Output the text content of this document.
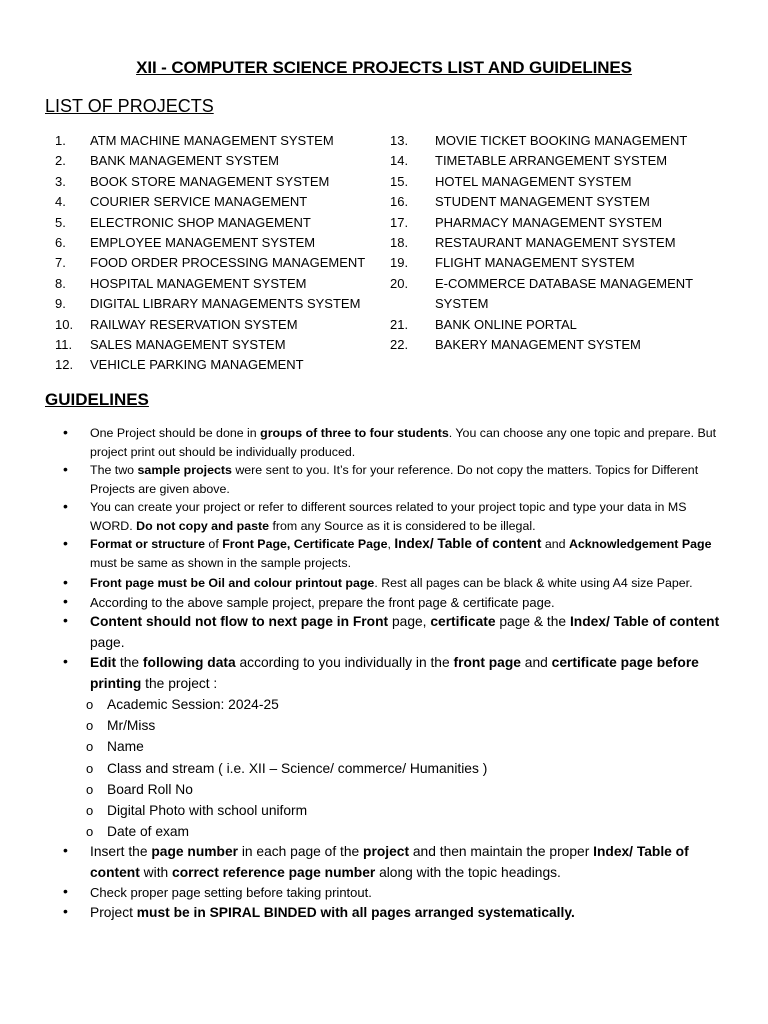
XII - COMPUTER SCIENCE PROJECTS LIST AND GUIDELINES
LIST OF PROJECTS
1.	ATM MACHINE MANAGEMENT SYSTEM
2.	BANK MANAGEMENT SYSTEM
3.	BOOK STORE MANAGEMENT SYSTEM
4.	COURIER SERVICE MANAGEMENT
5.	ELECTRONIC SHOP MANAGEMENT
6.	EMPLOYEE MANAGEMENT SYSTEM
7.	FOOD ORDER PROCESSING MANAGEMENT
8.	HOSPITAL MANAGEMENT SYSTEM
9.	DIGITAL LIBRARY MANAGEMENTS SYSTEM
10.	RAILWAY RESERVATION SYSTEM
11.	SALES MANAGEMENT SYSTEM
12.	VEHICLE PARKING MANAGEMENT
13.	MOVIE TICKET BOOKING MANAGEMENT
14.	TIMETABLE ARRANGEMENT SYSTEM
15.	HOTEL MANAGEMENT SYSTEM
16.	STUDENT MANAGEMENT SYSTEM
17.	PHARMACY MANAGEMENT SYSTEM
18.	RESTAURANT MANAGEMENT SYSTEM
19.	FLIGHT MANAGEMENT SYSTEM
20.	E-COMMERCE DATABASE MANAGEMENT SYSTEM
21.	BANK ONLINE PORTAL
22.	BAKERY MANAGEMENT SYSTEM
GUIDELINES
•	One Project should be done in groups of three to four students. You can choose any one topic and prepare. But project print out should be individually produced.
•	The two sample projects were sent to you. It’s for your reference. Do not copy the matters. Topics for Different Projects are given above.
•	You can create your project or refer to different sources related to your project topic and type your data in MS WORD. Do not copy and paste from any Source as it is considered to be illegal.
•	Format or structure of Front Page, Certificate Page, Index/ Table of content and Acknowledgement Page must be same as shown in the sample projects.
•	Front page must be Oil and colour printout page. Rest all pages can be black & white using A4 size Paper.
•	According to the above sample project, prepare the front page & certificate page.
•	Content should not flow to next page in Front page, certificate page & the Index/ Table of content page.
•	Edit the following data according to you individually in the front page and certificate page before printing the project :
o Academic Session: 2024-25
o Mr/Miss
o Name
o Class and stream ( i.e. XII – Science/ commerce/ Humanities )
o Board Roll No
o Digital Photo with school uniform
o Date of exam
•	Insert the page number in each page of the project and then maintain the proper Index/ Table of content with correct reference page number along with the topic headings.
•	Check proper page setting before taking printout.
•	Project must be in SPIRAL BINDED with all pages arranged systematically.
